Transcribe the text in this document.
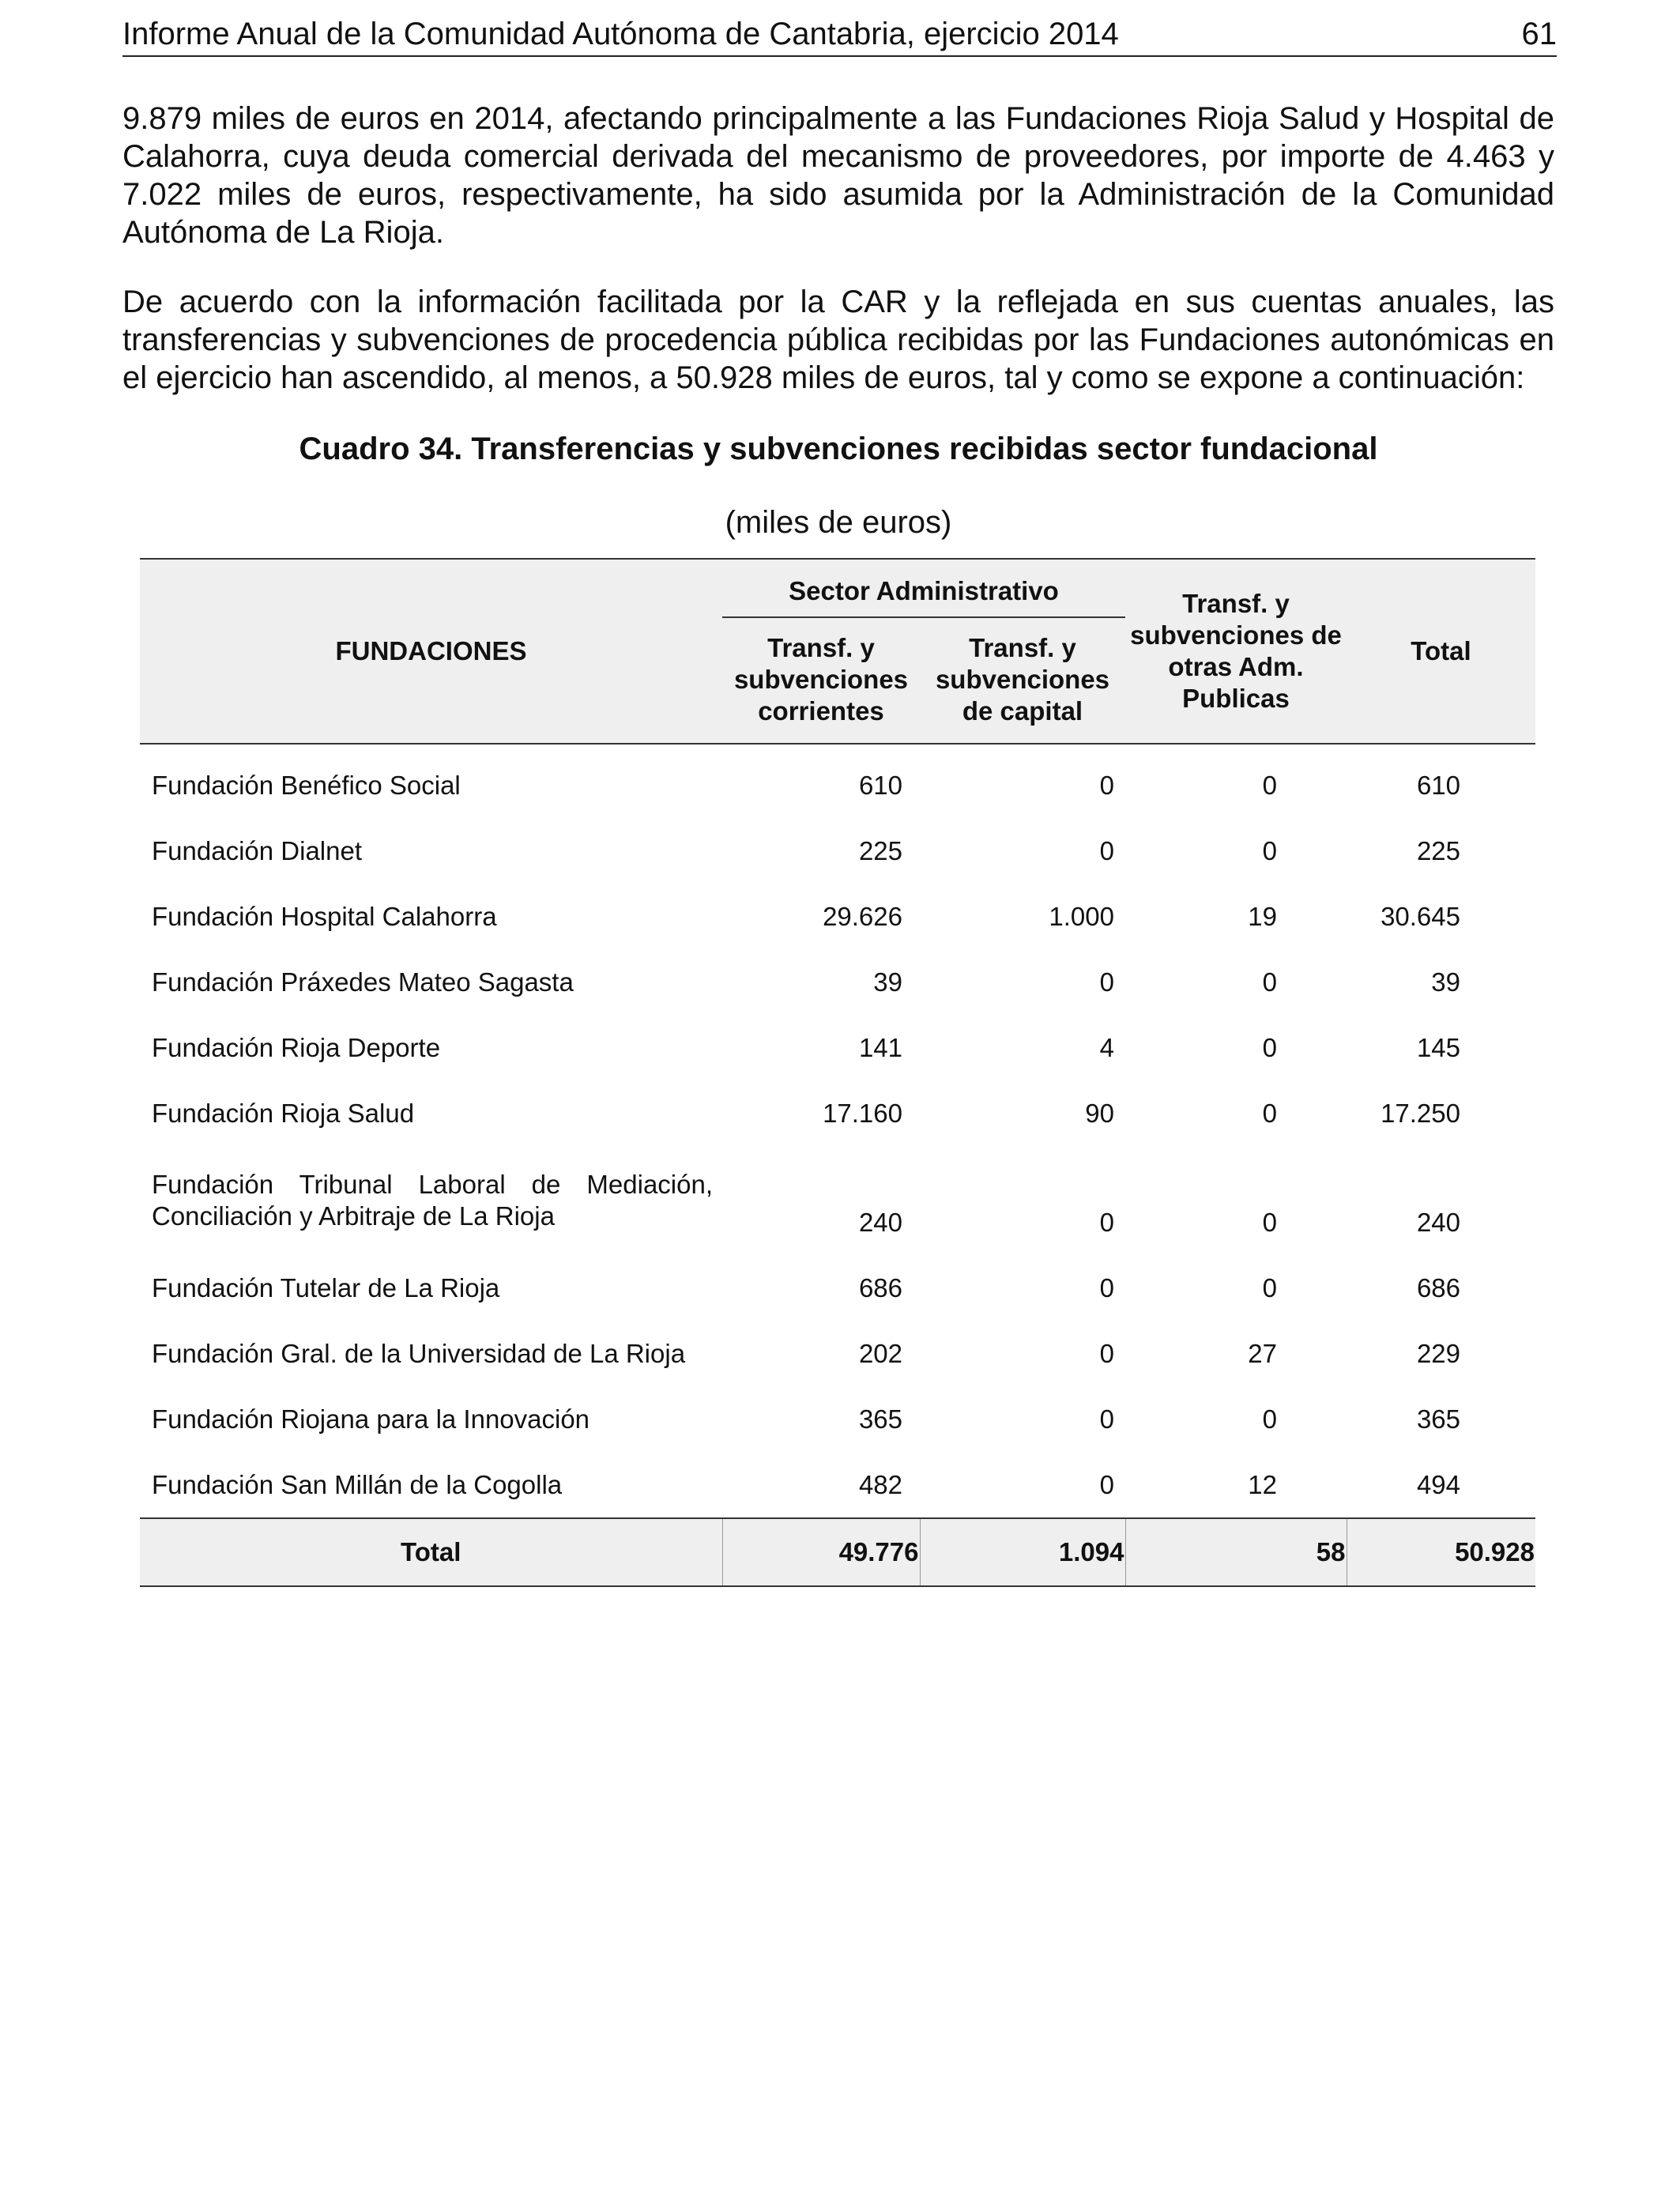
Informe Anual de la Comunidad Autónoma de Cantabria, ejercicio 2014	61
9.879 miles de euros en 2014, afectando principalmente a las Fundaciones Rioja Salud y Hospital de Calahorra, cuya deuda comercial derivada del mecanismo de proveedores, por importe de 4.463 y 7.022 miles de euros, respectivamente, ha sido asumida por la Administración de la Comunidad Autónoma de La Rioja.
De acuerdo con la información facilitada por la CAR y la reflejada en sus cuentas anuales, las transferencias y subvenciones de procedencia pública recibidas por las Fundaciones autonómicas en el ejercicio han ascendido, al menos, a 50.928 miles de euros, tal y como se expone a continuación:
Cuadro 34. Transferencias y subvenciones recibidas sector fundacional
(miles de euros)
FUNDACIONES	Sector Administrativo		Transf. y subvenciones de otras Adm. Publicas	Total
	Transf. y subvenciones corrientes	Transf. y subvenciones de capital		
Fundación Benéfico Social	610	0	0	610
Fundación Dialnet	225	0	0	225
Fundación Hospital Calahorra	29.626	1.000	19	30.645
Fundación Práxedes Mateo Sagasta	39	0	0	39
Fundación Rioja Deporte	141	4	0	145
Fundación Rioja Salud	17.160	90	0	17.250
Fundación Tribunal Laboral de Mediación, Conciliación y Arbitraje de La Rioja	240	0	0	240
Fundación Tutelar de La Rioja	686	0	0	686
Fundación Gral. de la Universidad de La Rioja	202	0	27	229
Fundación Riojana para la Innovación	365	0	0	365
Fundación San Millán de la Cogolla	482	0	12	494
Total	49.776	1.094	58	50.928
